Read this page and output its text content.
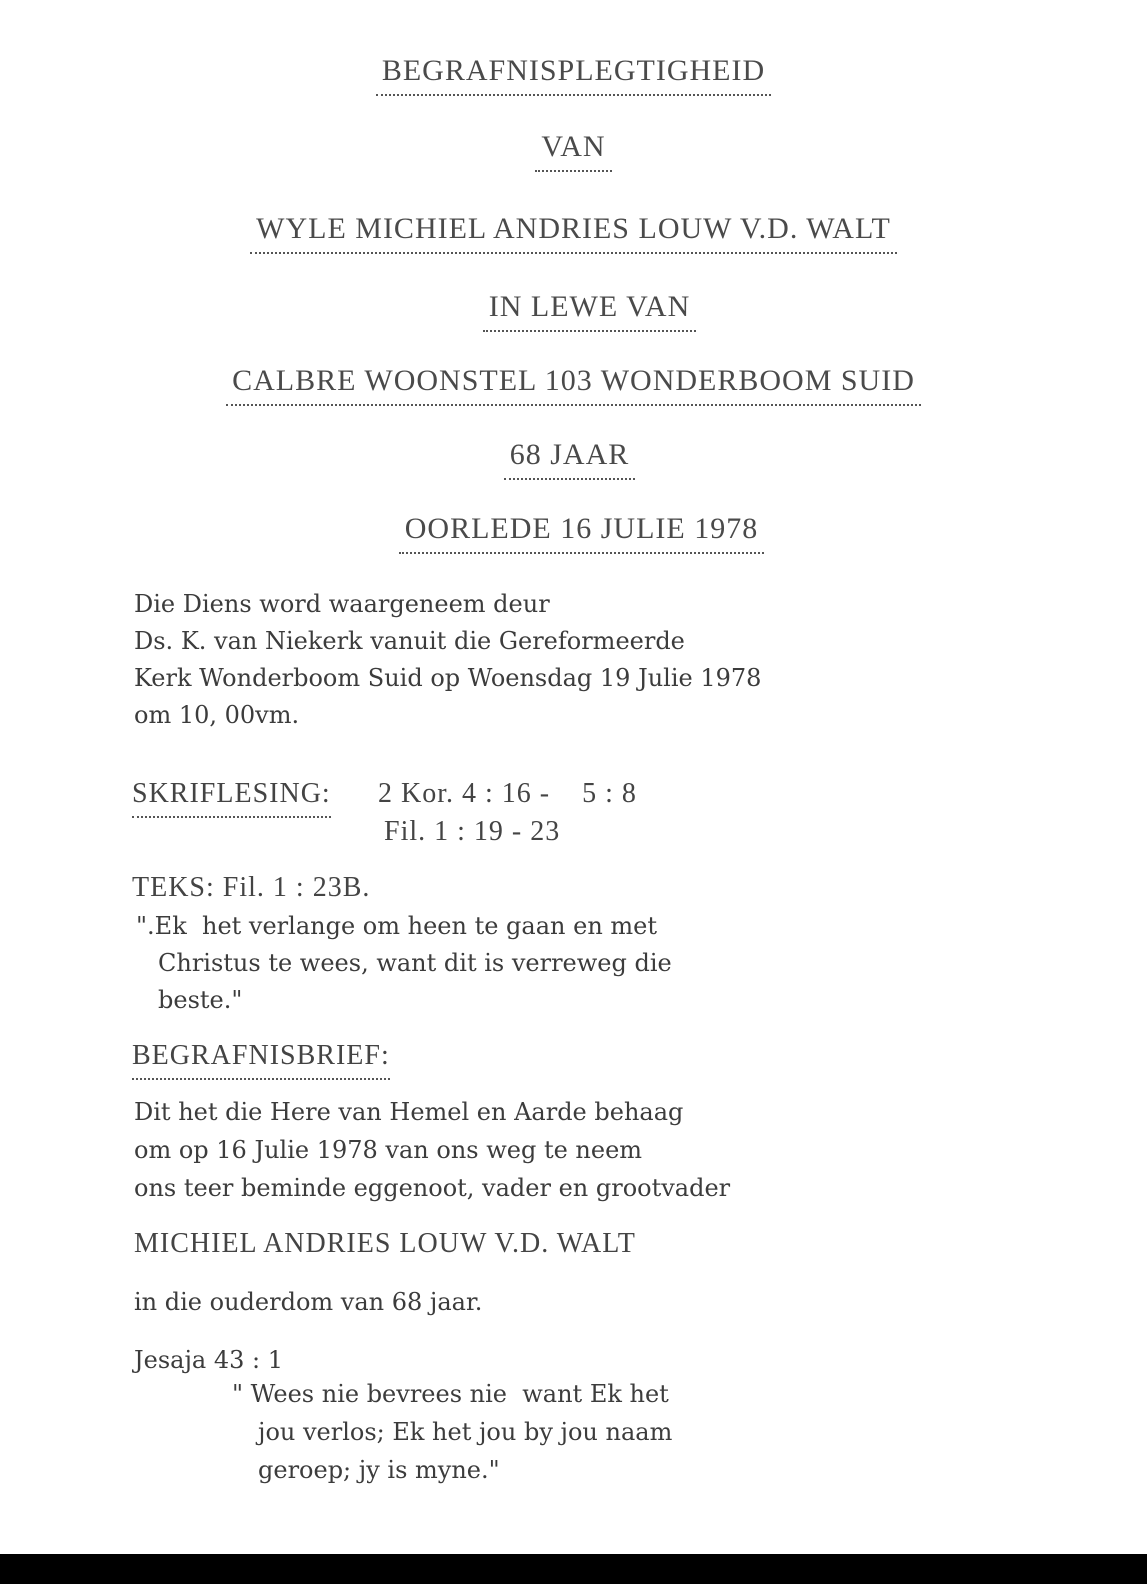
BEGRAFNISPLEGTIGHEID
VAN
WYLE MICHIEL ANDRIES LOUW V.D. WALT
IN LEWE VAN
CALBRE WOONSTEL 103 WONDERBOOM SUID
68 JAAR
OORLEDE 16 JULIE 1978
Die Diens word waargeneem deur
Ds. K. van Niekerk vanuit die Gereformeerde
Kerk Wonderboom Suid op Woensdag 19 Julie 1978
om 10, 00vm.
SKRIFLESING: 2 Kor. 4 : 16 -    5 : 8
Fil. 1 : 19 - 23
TEKS: Fil. 1 : 23B.
".Ek  het verlange om heen te gaan en met
Christus te wees, want dit is verreweg die
beste."
BEGRAFNISBRIEF:
Dit het die Here van Hemel en Aarde behaag
om op 16 Julie 1978 van ons weg te neem
ons teer beminde eggenoot, vader en grootvader
MICHIEL ANDRIES LOUW V.D. WALT
in die ouderdom van 68 jaar.
Jesaja 43 : 1
" Wees nie bevrees nie  want Ek het
jou verlos; Ek het jou by jou naam
geroep; jy is myne."
